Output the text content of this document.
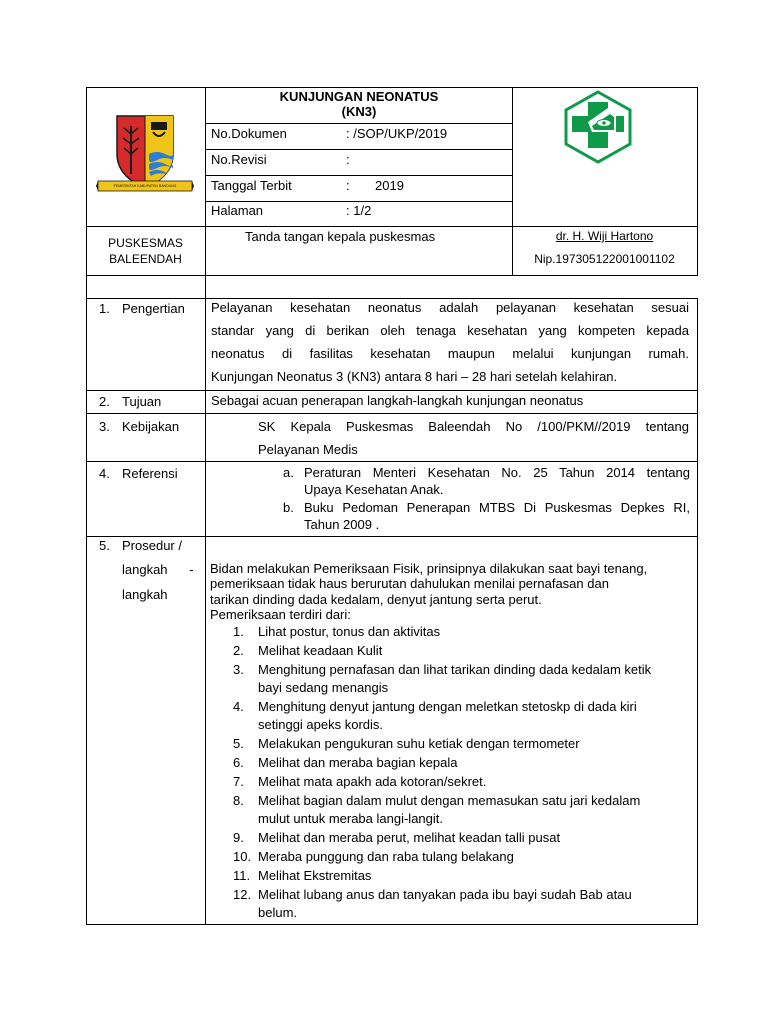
PEMERINTAH KABUPATEN BANDUNG
KUNJUNGAN NEONATUS
(KN3)
No.Dokumen	: /SOP/UKP/2019
No.Revisi	:
Tanggal Terbit	: 2019
Halaman	: 1/2
PUSKESMAS
BALEENDAH
Tanda tangan kepala puskesmas	dr. H. Wiji Hartono
Nip.197305122001001102
1. Pengertian Pelayanan kesehatan neonatus adalah pelayanan kesehatan sesuai
standar yang di berikan oleh tenaga kesehatan yang kompeten kepada
neonatus di fasilitas kesehatan maupun melalui kunjungan rumah.
Kunjungan Neonatus 3 (KN3) antara 8 hari – 28 hari setelah kelahiran.
2. Tujuan	Sebagai acuan penerapan langkah-langkah kunjungan neonatus
3. Kebijakan	SK Kepala Puskesmas Baleendah No /100/PKM//2019 tentang
Pelayanan Medis
4. Referensi	a. Peraturan Menteri Kesehatan No. 25 Tahun 2014 tentang
Upaya Kesehatan Anak.
b. Buku Pedoman Penerapan MTBS Di Puskesmas Depkes RI,
Tahun 2009 .
5. Prosedur /
langkah      -
langkah
Bidan melakukan Pemeriksaan Fisik, prinsipnya dilakukan saat bayi tenang,
pemeriksaan tidak haus berurutan dahulukan menilai pernafasan dan
tarikan dinding dada kedalam, denyut jantung serta perut.
Pemeriksaan terdiri dari:
1. Lihat postur, tonus dan aktivitas
2. Melihat keadaan Kulit
3. Menghitung pernafasan dan lihat tarikan dinding dada kedalam ketik
bayi sedang menangis
4. Menghitung denyut jantung dengan meletkan stetoskp di dada kiri
setinggi apeks kordis.
5. Melakukan pengukuran suhu ketiak dengan termometer
6. Melihat dan meraba bagian kepala
7. Melihat mata apakh ada kotoran/sekret.
8. Melihat bagian dalam mulut dengan memasukan satu jari kedalam
mulut untuk meraba langi-langit.
9. Melihat dan meraba perut, melihat keadan talli pusat
10. Meraba punggung dan raba tulang belakang
11. Melihat Ekstremitas
12. Melihat lubang anus dan tanyakan pada ibu bayi sudah Bab atau
belum.
